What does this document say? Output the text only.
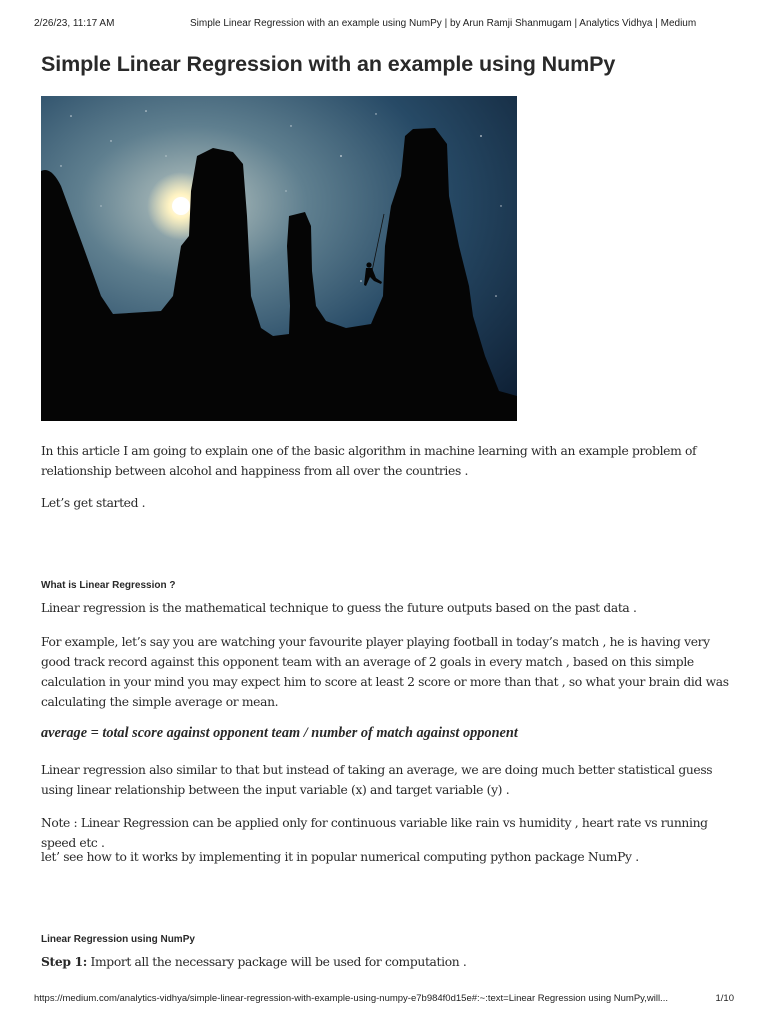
2/26/23, 11:17 AM	Simple Linear Regression with an example using NumPy | by Arun Ramji Shanmugam | Analytics Vidhya | Medium
Simple Linear Regression with an example using NumPy

In this article I am going to explain one of the basic algorithm in machine learning with an example problem of relationship between alcohol and happiness from all over the countries .

Let’s get started .

What is Linear Regression ?

Linear regression is the mathematical technique to guess the future outputs based on the past data .

For example, let’s say you are watching your favourite player playing football in today’s match , he is having very good track record against this opponent team with an average of 2 goals in every match , based on this simple calculation in your mind you may expect him to score at least 2 score or more than that , so what your brain did was calculating the simple average or mean.

average = total score against opponent team / number of match against opponent

Linear regression also similar to that but instead of taking an average, we are doing much better statistical guess using linear relationship between the input variable (x) and target variable (y) .

Note : Linear Regression can be applied only for continuous variable like rain vs humidity , heart rate vs running speed etc .

let’ see how to it works by implementing it in popular numerical computing python package NumPy .

Linear Regression using NumPy

Step 1: Import all the necessary package will be used for computation .

https://medium.com/analytics-vidhya/simple-linear-regression-with-example-using-numpy-e7b984f0d15e#:~:text=Linear Regression using NumPy,will...	1/10
